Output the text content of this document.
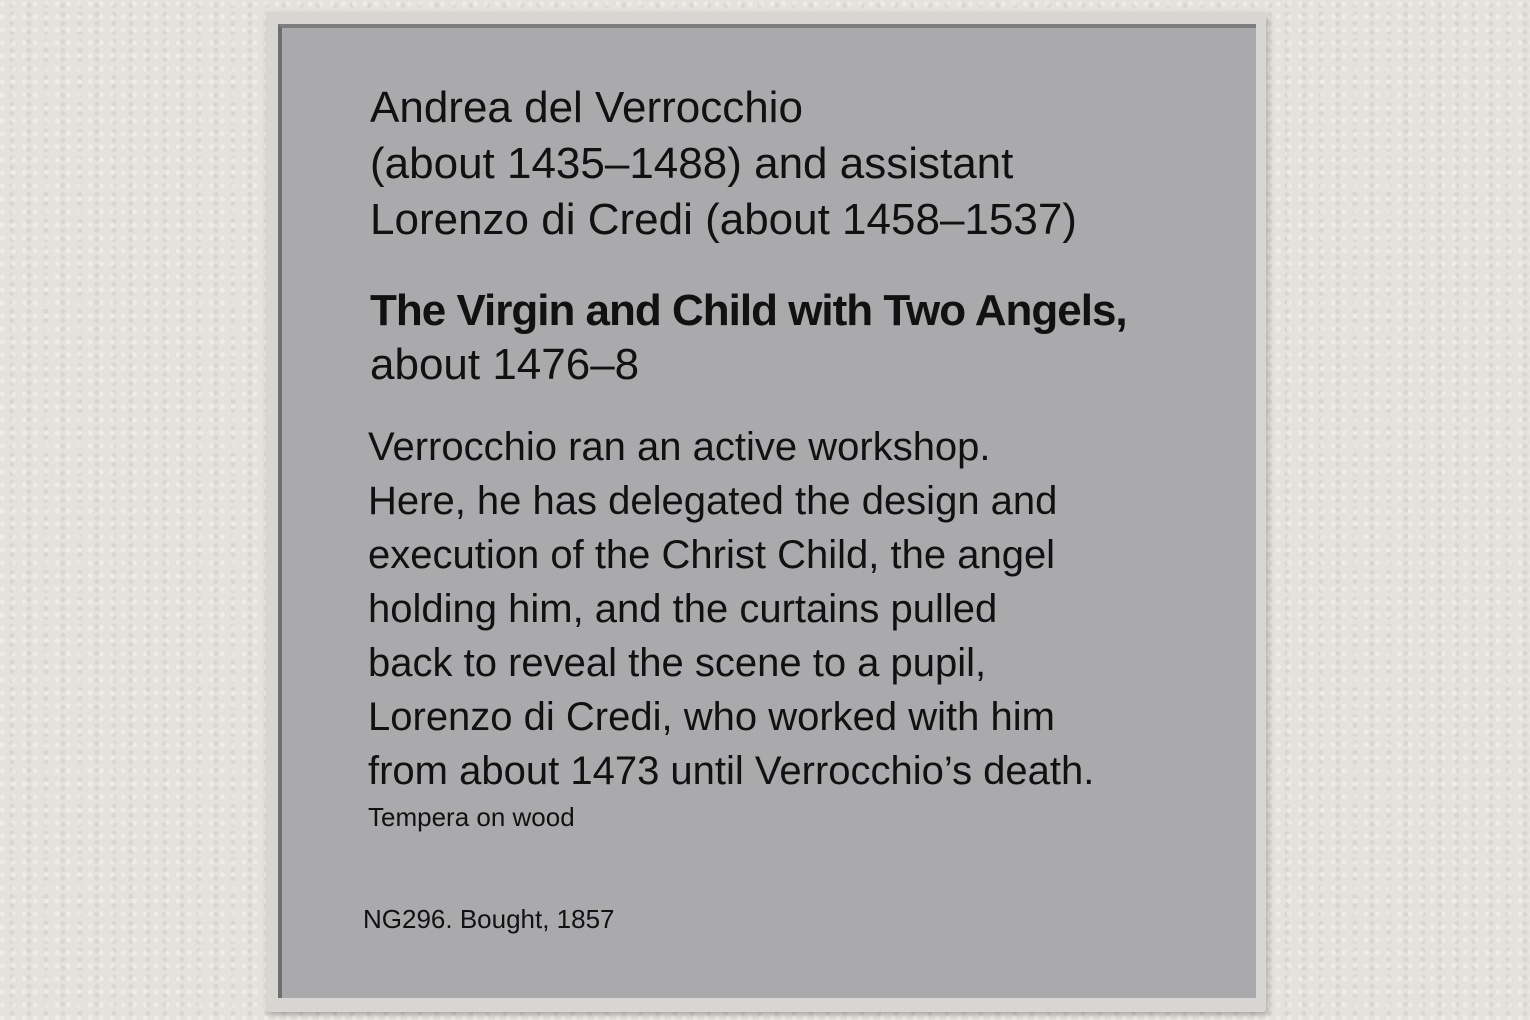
Andrea del Verrocchio
(about 1435–1488) and assistant
Lorenzo di Credi (about 1458–1537)
The Virgin and Child with Two Angels,
about 1476–8
Verrocchio ran an active workshop.
Here, he has delegated the design and
execution of the Christ Child, the angel
holding him, and the curtains pulled
back to reveal the scene to a pupil,
Lorenzo di Credi, who worked with him
from about 1473 until Verrocchio’s death.
Tempera on wood
NG296. Bought, 1857
